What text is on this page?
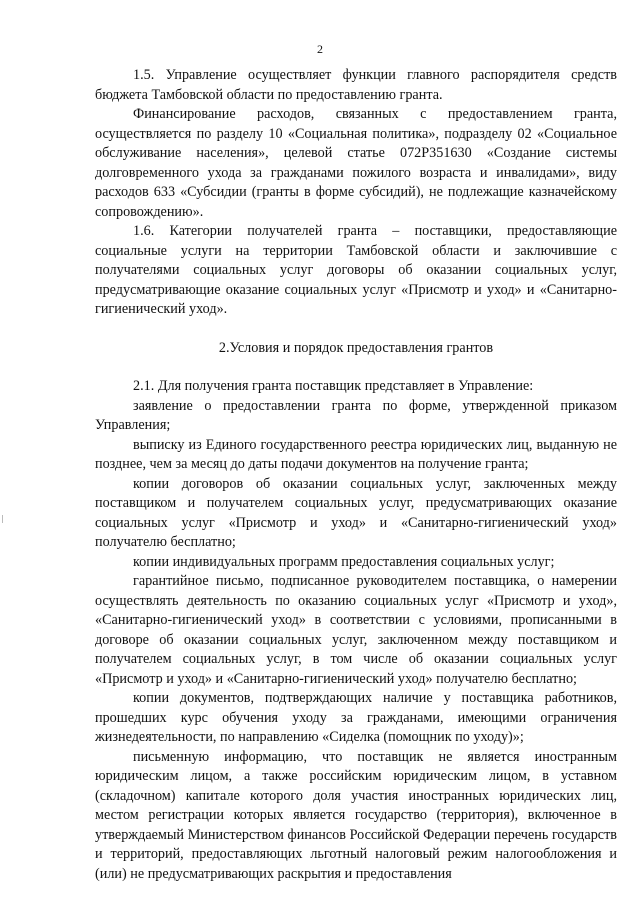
2

1.5. Управление осуществляет функции главного распорядителя средств бюджета Тамбовской области по предоставлению гранта.

Финансирование расходов, связанных с предоставлением гранта, осуществляется по разделу 10 «Социальная политика», подразделу 02 «Социальное обслуживание населения», целевой статье 072Р351630 «Создание системы долговременного ухода за гражданами пожилого возраста и инвалидами», виду расходов 633 «Субсидии (гранты в форме субсидий), не подлежащие казначейскому сопровождению».

1.6. Категории получателей гранта – поставщики, предоставляющие социальные услуги на территории Тамбовской области и заключившие с получателями социальных услуг договоры об оказании социальных услуг, предусматривающие оказание социальных услуг «Присмотр и уход» и «Санитарно-гигиенический уход».

2.Условия и порядок предоставления грантов

2.1. Для получения гранта поставщик представляет в Управление:

заявление о предоставлении гранта по форме, утвержденной приказом Управления;

выписку из Единого государственного реестра юридических лиц, выданную не позднее, чем за месяц до даты подачи документов на получение гранта;

копии договоров об оказании социальных услуг, заключенных между поставщиком и получателем социальных услуг, предусматривающих оказание социальных услуг «Присмотр и уход» и «Санитарно-гигиенический уход» получателю бесплатно;

копии индивидуальных программ предоставления социальных услуг;

гарантийное письмо, подписанное руководителем поставщика, о намерении осуществлять деятельность по оказанию социальных услуг «Присмотр и уход», «Санитарно-гигиенический уход» в соответствии с условиями, прописанными в договоре об оказании социальных услуг, заключенном между поставщиком и получателем социальных услуг, в том числе об оказании социальных услуг «Присмотр и уход» и «Санитарно-гигиенический уход» получателю бесплатно;

копии документов, подтверждающих наличие у поставщика работников, прошедших курс обучения уходу за гражданами, имеющими ограничения жизнедеятельности, по направлению «Сиделка (помощник по уходу)»;

письменную информацию, что поставщик не является иностранным юридическим лицом, а также российским юридическим лицом, в уставном (складочном) капитале которого доля участия иностранных юридических лиц, местом регистрации которых является государство (территория), включенное в утверждаемый Министерством финансов Российской Федерации перечень государств и территорий, предоставляющих льготный налоговый режим налогообложения и (или) не предусматривающих раскрытия и предоставления
